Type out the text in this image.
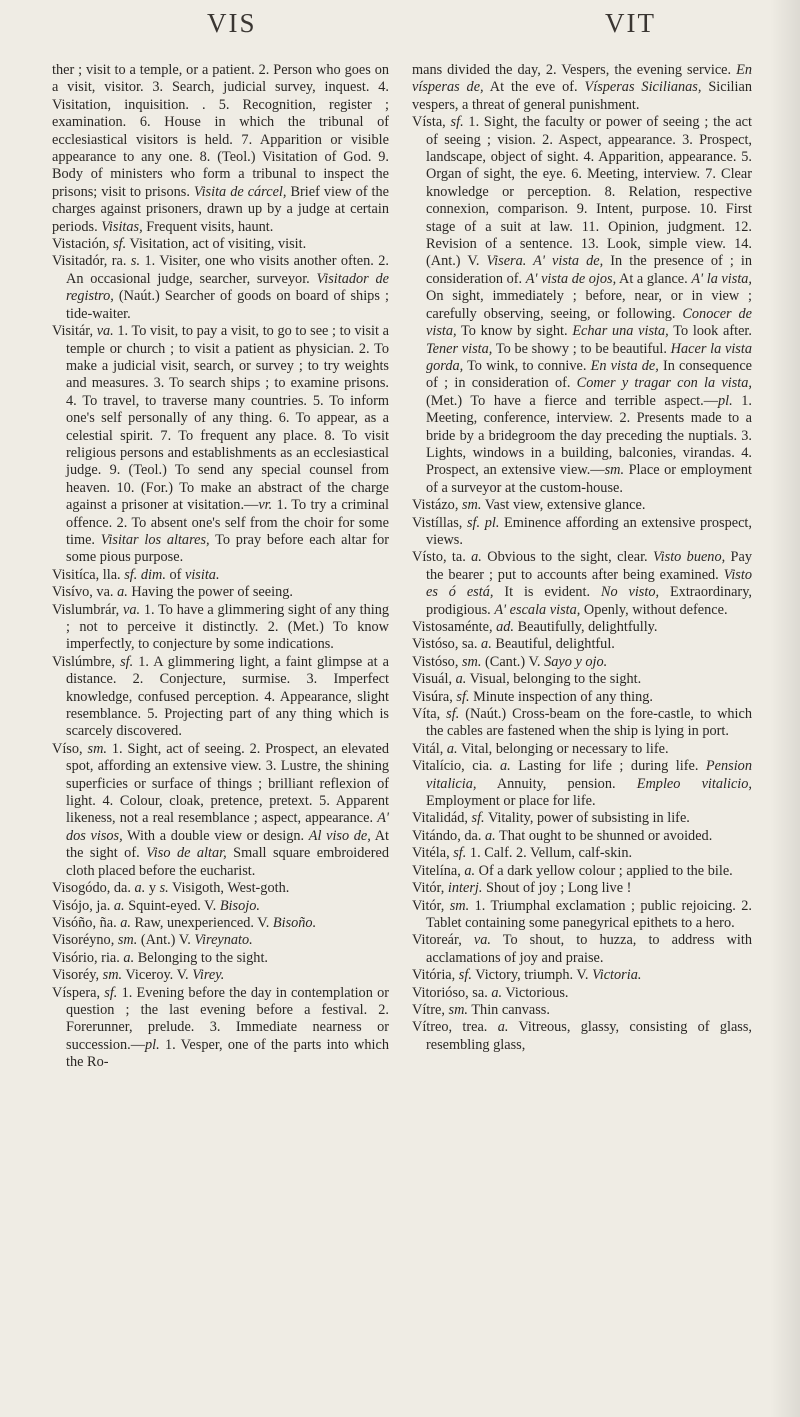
VIS	VIT

ther ; visit to a temple, or a patient. 2. Person who goes on a visit, visitor. 3. Search, judicial survey, inquest. 4. Visitation, inquisition. . 5. Recognition, register ; examination. 6. House in which the tribunal of ecclesiastical visitors is held. 7. Apparition or visible appearance to any one. 8. (Teol.) Visitation of God. 9. Body of ministers who form a tribunal to inspect the prisons; visit to prisons. Visita de cárcel, Brief view of the charges against prisoners, drawn up by a judge at certain periods. Visitas, Frequent visits, haunt.

Vistación, sf. Visitation, act of visiting, visit.

Visitadór, ra. s. 1. Visiter, one who visits another often. 2. An occasional judge, searcher, surveyor. Visitador de registro, (Naút.) Searcher of goods on board of ships ; tide-waiter.

Visitár, va. 1. To visit, to pay a visit, to go to see ; to visit a temple or church ; to visit a patient as physician. 2. To make a judicial visit, search, or survey ; to try weights and measures. 3. To search ships ; to examine prisons. 4. To travel, to traverse many countries. 5. To inform one's self personally of any thing. 6. To appear, as a celestial spirit. 7. To frequent any place. 8. To visit religious persons and establishments as an ecclesiastical judge. 9. (Teol.) To send any special counsel from heaven. 10. (For.) To make an abstract of the charge against a prisoner at visitation.—vr. 1. To try a criminal offence. 2. To absent one's self from the choir for some time. Visitar los altares, To pray before each altar for some pious purpose.

Visitíca, lla. sf. dim. of visita.

Visívo, va. a. Having the power of seeing.

Vislumbrár, va. 1. To have a glimmering sight of any thing ; not to perceive it distinctly. 2. (Met.) To know imperfectly, to conjecture by some indications.

Vislúmbre, sf. 1. A glimmering light, a faint glimpse at a distance. 2. Conjecture, surmise. 3. Imperfect knowledge, confused perception. 4. Appearance, slight resemblance. 5. Projecting part of any thing which is scarcely discovered.

Víso, sm. 1. Sight, act of seeing. 2. Prospect, an elevated spot, affording an extensive view. 3. Lustre, the shining superficies or surface of things ; brilliant reflexion of light. 4. Colour, cloak, pretence, pretext. 5. Apparent likeness, not a real resemblance ; aspect, appearance. A' dos visos, With a double view or design. Al viso de, At the sight of. Viso de altar, Small square embroidered cloth placed before the eucharist.

Visogódo, da. a. y s. Visigoth, West-goth.

Visójo, ja. a. Squint-eyed. V. Bisojo.

Visóño, ña. a. Raw, unexperienced. V. Bisoño.

Visoréyno, sm. (Ant.) V. Vireynato.

Visório, ria. a. Belonging to the sight.

Visoréy, sm. Viceroy. V. Virey.

Víspera, sf. 1. Evening before the day in contemplation or question ; the last evening before a festival. 2. Forerunner, prelude. 3. Immediate nearness or succession.—pl. 1. Vesper, one of the parts into which the Ro-

mans divided the day, 2. Vespers, the evening service. En vísperas de, At the eve of. Vísperas Sicilianas, Sicilian vespers, a threat of general punishment.

Vísta, sf. 1. Sight, the faculty or power of seeing ; the act of seeing ; vision. 2. Aspect, appearance. 3. Prospect, landscape, object of sight. 4. Apparition, appearance. 5. Organ of sight, the eye. 6. Meeting, interview. 7. Clear knowledge or perception. 8. Relation, respective connexion, comparison. 9. Intent, purpose. 10. First stage of a suit at law. 11. Opinion, judgment. 12. Revision of a sentence. 13. Look, simple view. 14. (Ant.) V. Visera. A' vista de, In the presence of ; in consideration of. A' vista de ojos, At a glance. A' la vista, On sight, immediately ; before, near, or in view ; carefully observing, seeing, or following. Conocer de vista, To know by sight. Echar una vista, To look after. Tener vista, To be showy ; to be beautiful. Hacer la vista gorda, To wink, to connive. En vista de, In consequence of ; in consideration of. Comer y tragar con la vista, (Met.) To have a fierce and terrible aspect.—pl. 1. Meeting, conference, interview. 2. Presents made to a bride by a bridegroom the day preceding the nuptials. 3. Lights, windows in a building, balconies, virandas. 4. Prospect, an extensive view.—sm. Place or employment of a surveyor at the custom-house.

Vistázo, sm. Vast view, extensive glance.

Vistíllas, sf. pl. Eminence affording an extensive prospect, views.

Vísto, ta. a. Obvious to the sight, clear. Visto bueno, Pay the bearer ; put to accounts after being examined. Visto es ó está, It is evident. No visto, Extraordinary, prodigious. A' escala vista, Openly, without defence.

Vistosaménte, ad. Beautifully, delightfully.

Vistóso, sa. a. Beautiful, delightful.

Vistóso, sm. (Cant.) V. Sayo y ojo.

Visuál, a. Visual, belonging to the sight.

Visúra, sf. Minute inspection of any thing.

Víta, sf. (Naút.) Cross-beam on the fore-castle, to which the cables are fastened when the ship is lying in port.

Vitál, a. Vital, belonging or necessary to life.

Vitalício, cia. a. Lasting for life ; during life. Pension vitalicia, Annuity, pension. Empleo vitalicio, Employment or place for life.

Vitalidád, sf. Vitality, power of subsisting in life.

Vitándo, da. a. That ought to be shunned or avoided.

Vitéla, sf. 1. Calf. 2. Vellum, calf-skin.

Vitelína, a. Of a dark yellow colour ; applied to the bile.

Vitór, interj. Shout of joy ; Long live !

Vitór, sm. 1. Triumphal exclamation ; public rejoicing. 2. Tablet containing some panegyrical epithets to a hero.

Vitoreár, va. To shout, to huzza, to address with acclamations of joy and praise.

Vitória, sf. Victory, triumph. V. Victoria.

Vitorióso, sa. a. Victorious.

Vítre, sm. Thin canvass.

Vítreo, trea. a. Vitreous, glassy, consisting of glass, resembling glass,
